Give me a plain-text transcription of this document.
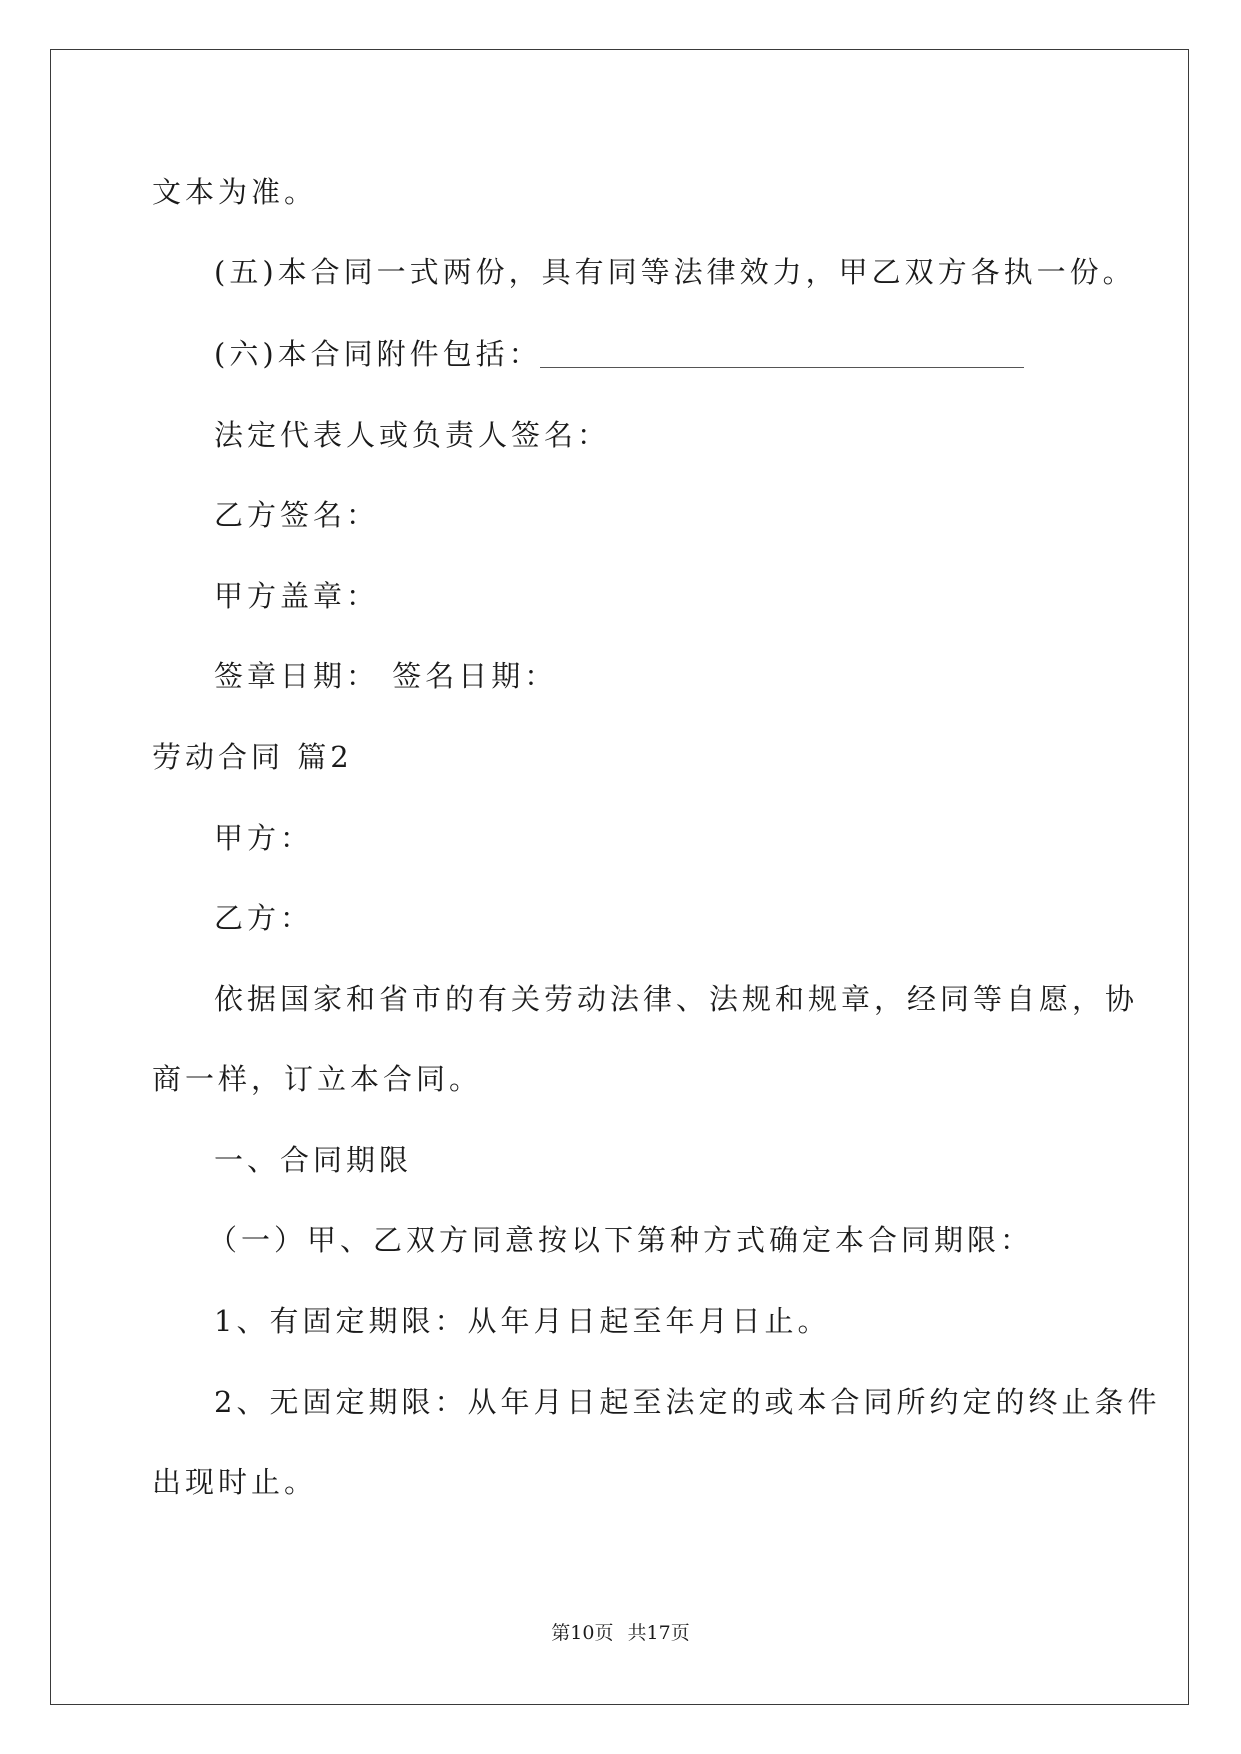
文本为准。
(五)本合同一式两份，具有同等法律效力，甲乙双方各执一份。
(六)本合同附件包括：
法定代表人或负责人签名：
乙方签名：
甲方盖章：
签章日期： 签名日期：
劳动合同 篇2
甲方：
乙方：
依据国家和省市的有关劳动法律、法规和规章，经同等自愿，协
商一样，订立本合同。
一、合同期限
（一）甲、乙双方同意按以下第种方式确定本合同期限：
1、有固定期限：从年月日起至年月日止。
2、无固定期限：从年月日起至法定的或本合同所约定的终止条件
出现时止。
第10页 共17页
